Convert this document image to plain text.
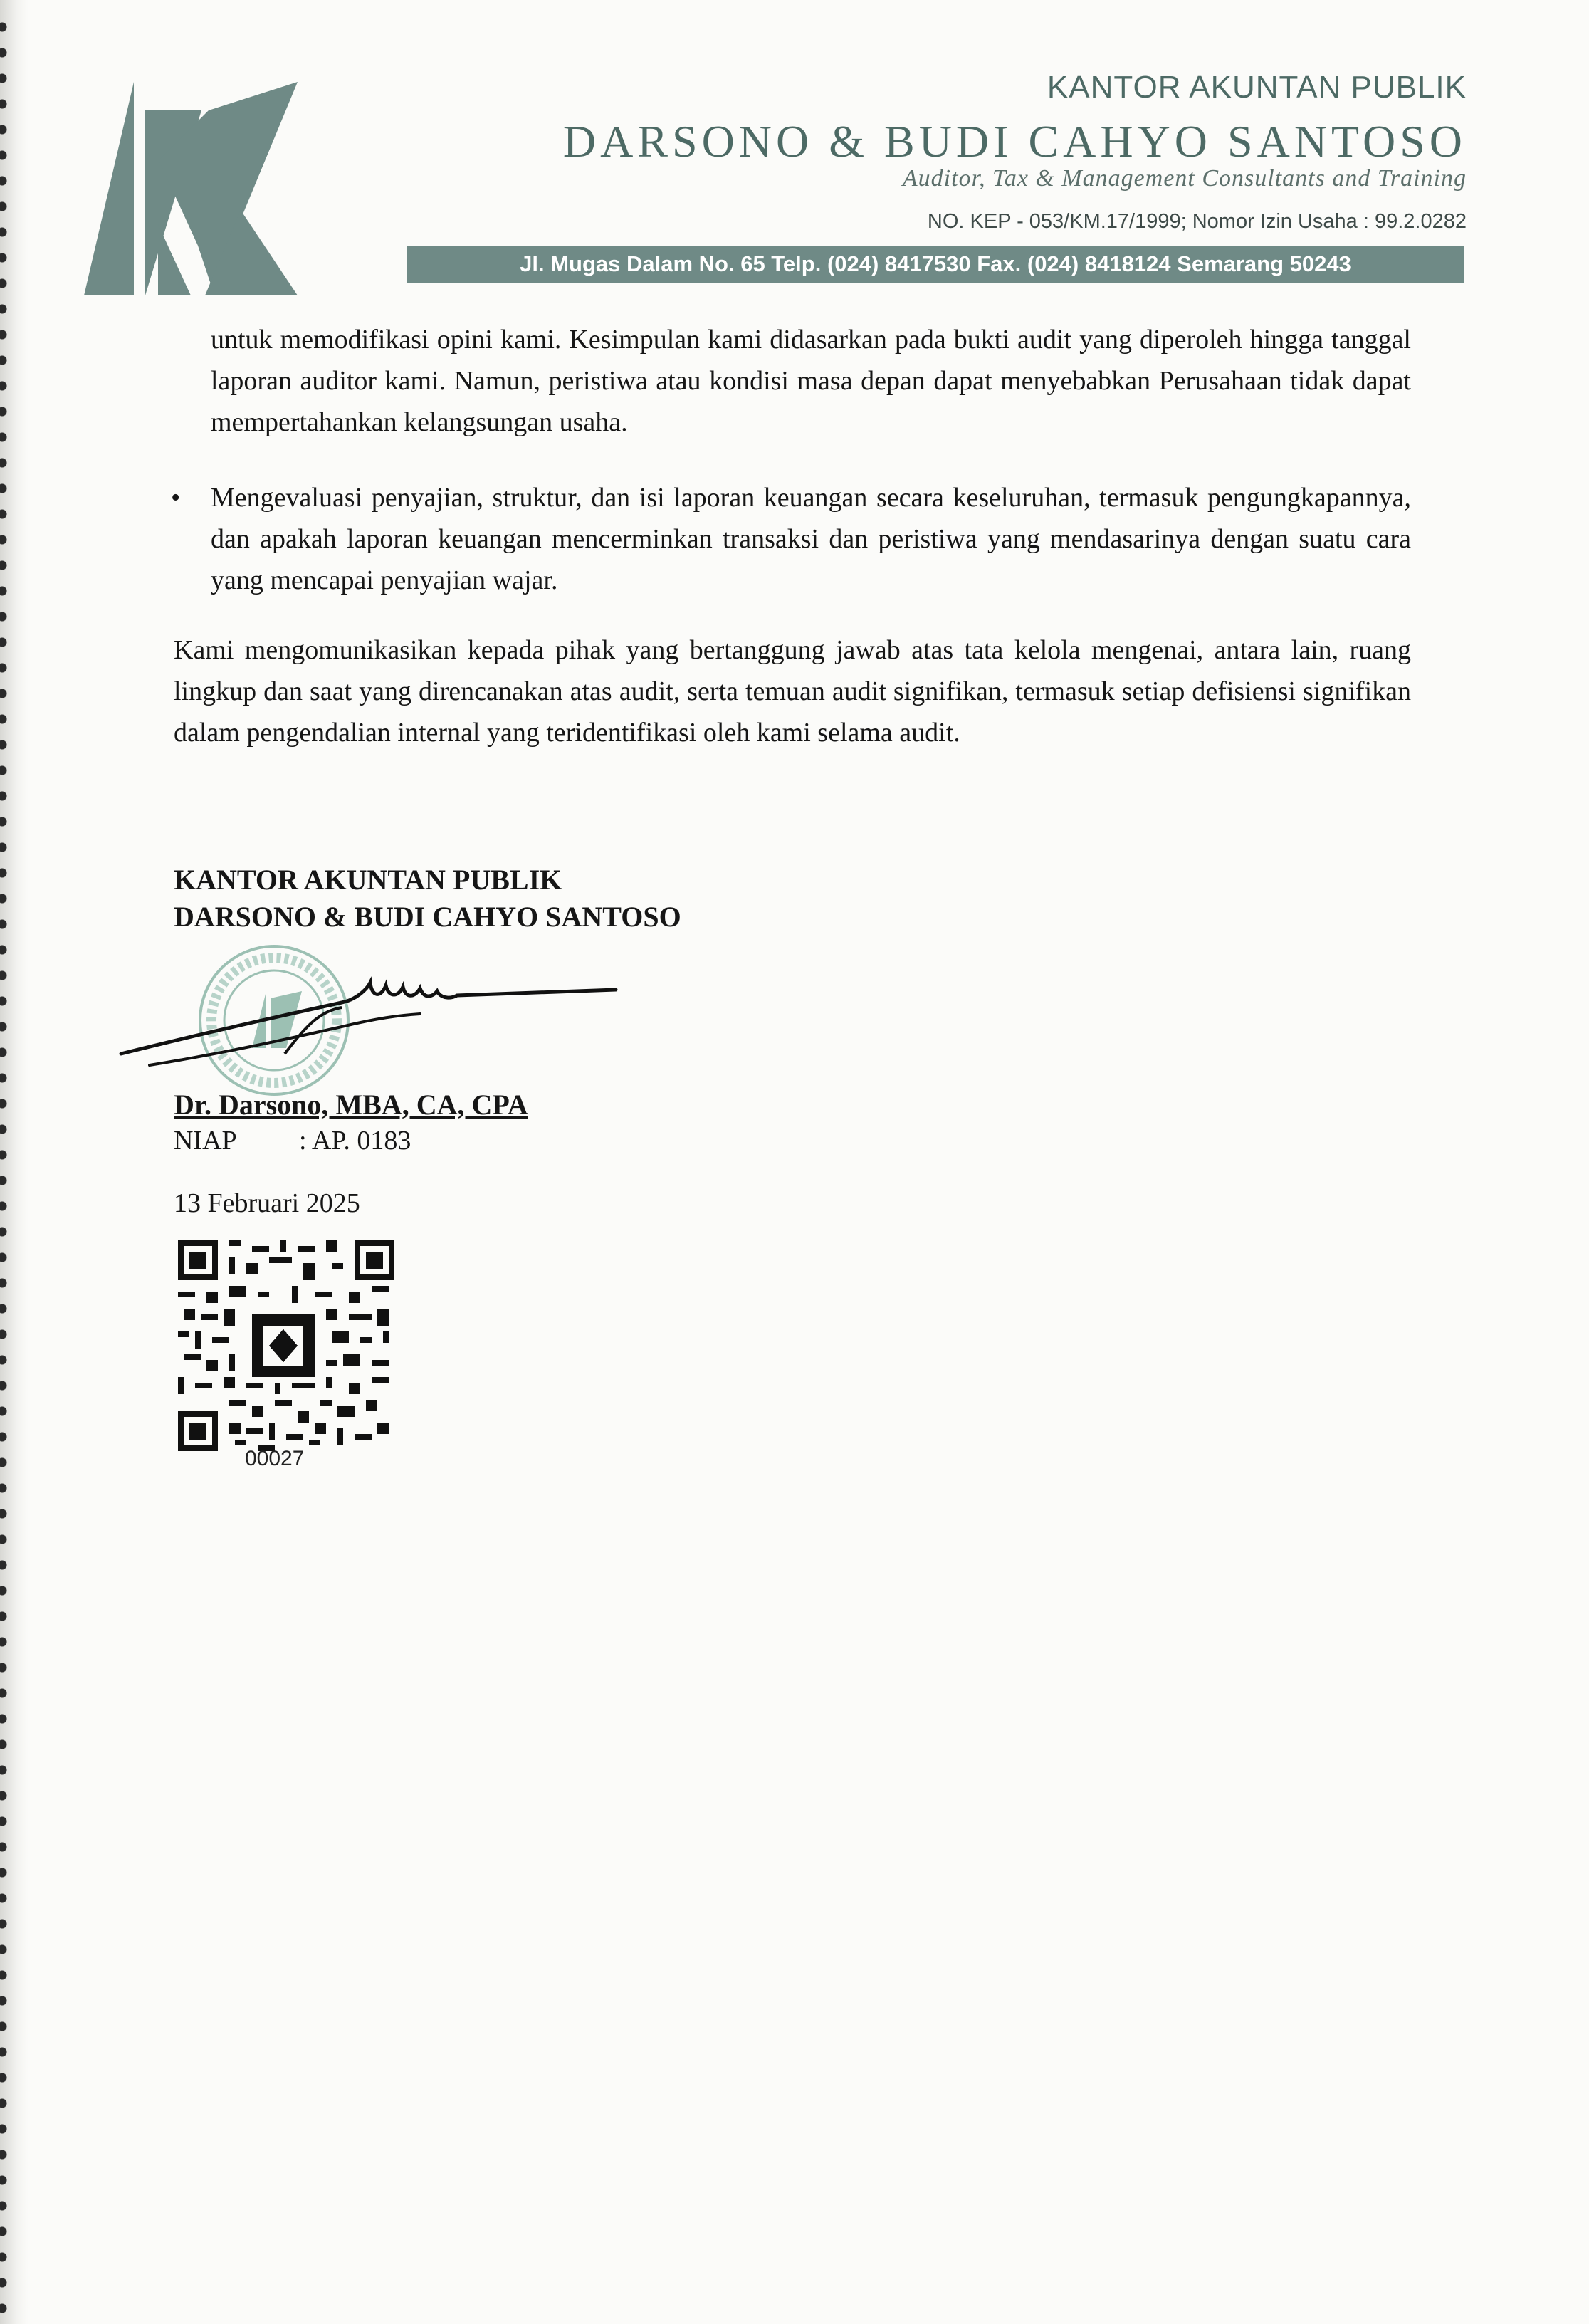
KANTOR AKUNTAN PUBLIK
DARSONO & BUDI CAHYO SANTOSO
Auditor, Tax & Management Consultants and Training
NO. KEP - 053/KM.17/1999; Nomor Izin Usaha : 99.2.0282
Jl. Mugas Dalam No. 65 Telp. (024) 8417530 Fax. (024) 8418124 Semarang 50243
untuk memodifikasi opini kami. Kesimpulan kami didasarkan pada bukti audit yang diperoleh hingga tanggal laporan auditor kami. Namun, peristiwa atau kondisi masa depan dapat menyebabkan Perusahaan tidak dapat mempertahankan kelangsungan usaha.
• Mengevaluasi penyajian, struktur, dan isi laporan keuangan secara keseluruhan, termasuk pengungkapannya, dan apakah laporan keuangan mencerminkan transaksi dan peristiwa yang mendasarinya dengan suatu cara yang mencapai penyajian wajar.
Kami mengomunikasikan kepada pihak yang bertanggung jawab atas tata kelola mengenai, antara lain, ruang lingkup dan saat yang direncanakan atas audit, serta temuan audit signifikan, termasuk setiap defisiensi signifikan dalam pengendalian internal yang teridentifikasi oleh kami selama audit.
KANTOR AKUNTAN PUBLIK
DARSONO & BUDI CAHYO SANTOSO
Dr. Darsono, MBA, CA, CPA
NIAP : AP. 0183
13 Februari 2025
00027
